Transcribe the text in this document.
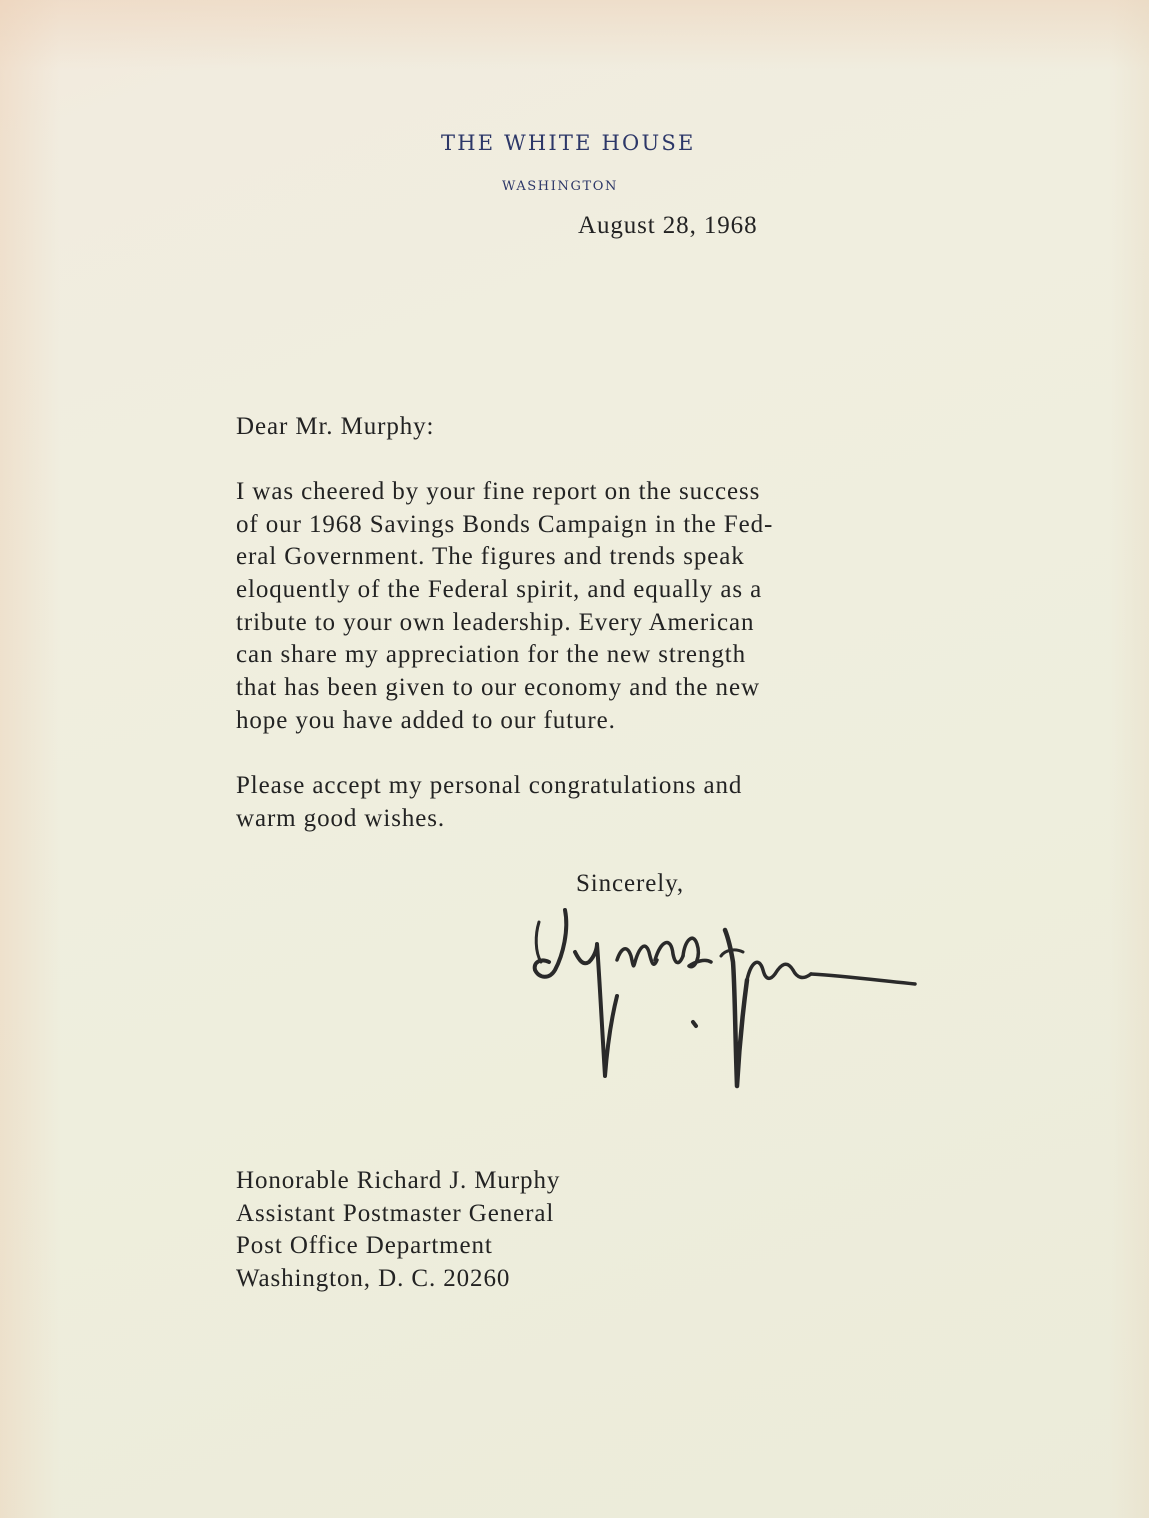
THE WHITE HOUSE
WASHINGTON
August 28, 1968
Dear Mr. Murphy:
I was cheered by your fine report on the success
of our 1968 Savings Bonds Campaign in the Fed-
eral Government. The figures and trends speak
eloquently of the Federal spirit, and equally as a
tribute to your own leadership. Every American
can share my appreciation for the new strength
that has been given to our economy and the new
hope you have added to our future.
Please accept my personal congratulations and
warm good wishes.
Sincerely,
Honorable Richard J. Murphy
Assistant Postmaster General
Post Office Department
Washington, D. C. 20260
